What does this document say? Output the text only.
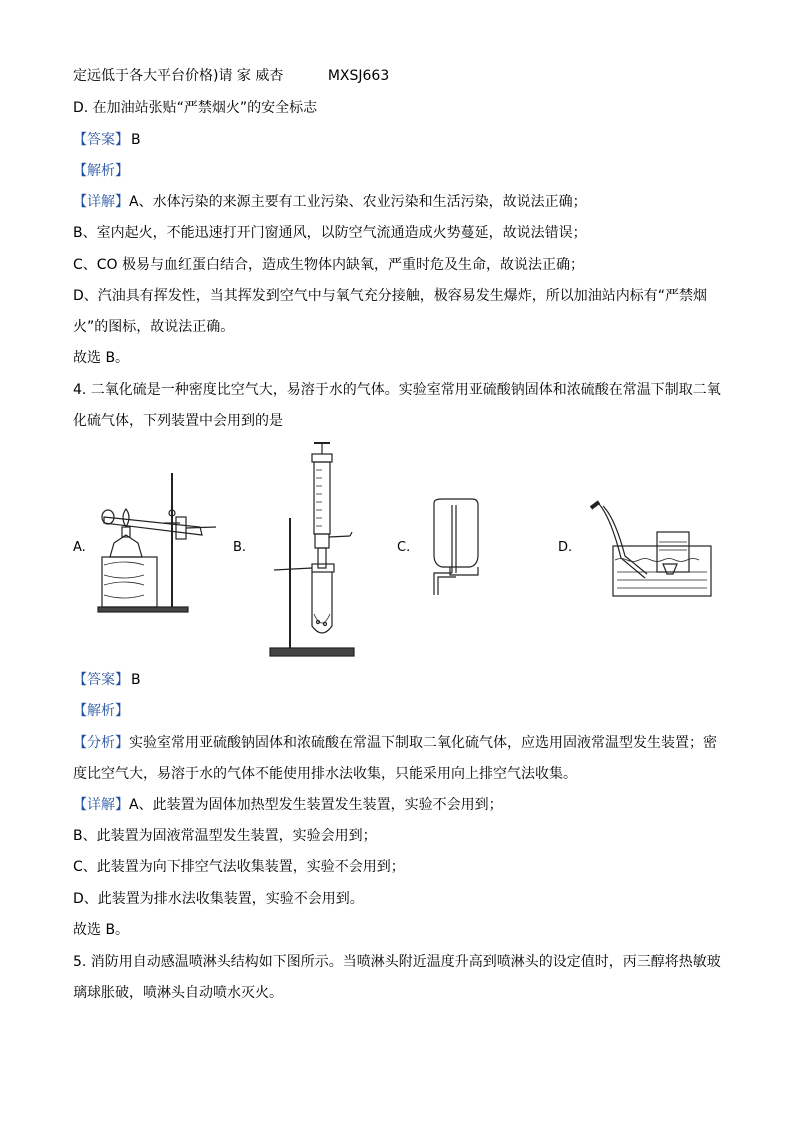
定远低于各大平台价格)请 家 威杏	MXSJ663
D. 在加油站张贴“严禁烟火”的安全标志
【答案】 B
【解析】
【详解】A、水体污染的来源主要有工业污染、农业污染和生活污染，故说法正确；
B、室内起火，不能迅速打开门窗通风，以防空气流通造成火势蔓延，故说法错误；
C、CO 极易与血红蛋白结合，造成生物体内缺氧，严重时危及生命，故说法正确；
D、汽油具有挥发性，当其挥发到空气中与氧气充分接触，极容易发生爆炸，所以加油站内标有“严禁烟
火”的图标，故说法正确。
故选 B。
4. 二氧化硫是一种密度比空气大，易溶于水的气体。实验室常用亚硫酸钠固体和浓硫酸在常温下制取二氧
化硫气体，下列装置中会用到的是
A.	B.	C.	D.
【答案】 B
【解析】
【分析】实验室常用亚硫酸钠固体和浓硫酸在常温下制取二氧化硫气体，应选用固液常温型发生装置；密
度比空气大，易溶于水的气体不能使用排水法收集，只能采用向上排空气法收集。
【详解】A、此装置为固体加热型发生装置发生装置，实验不会用到；
B、此装置为固液常温型发生装置，实验会用到；
C、此装置为向下排空气法收集装置，实验不会用到；
D、此装置为排水法收集装置，实验不会用到。
故选 B。
5. 消防用自动感温喷淋头结构如下图所示。当喷淋头附近温度升高到喷淋头的设定值时，丙三醇将热敏玻
璃球胀破，喷淋头自动喷水灭火。
